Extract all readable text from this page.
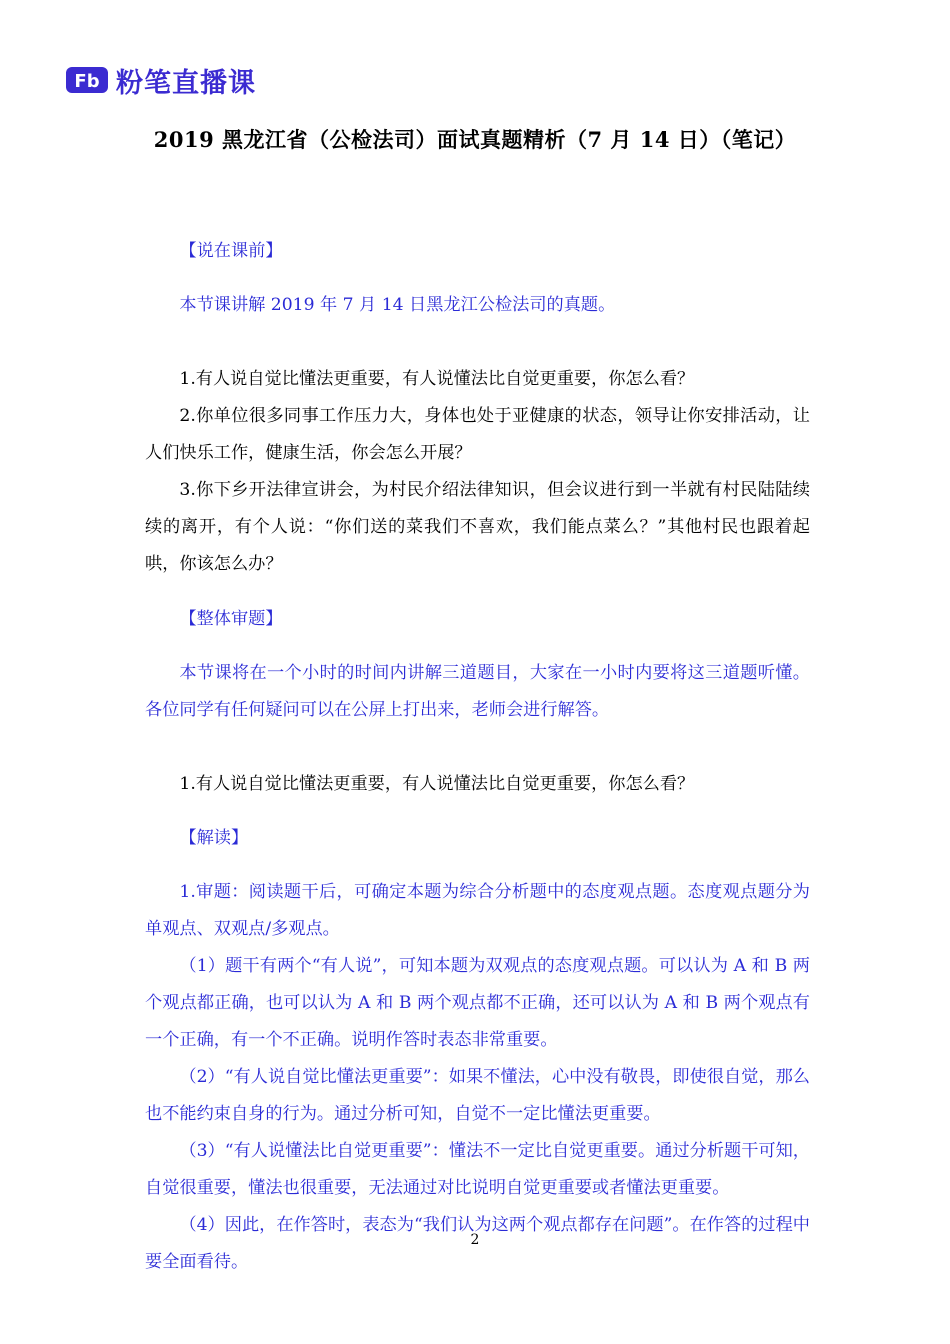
Fb 粉笔直播课
2019 黑龙江省（公检法司）面试真题精析（7 月 14 日）（笔记）

【说在课前】

本节课讲解 2019 年 7 月 14 日黑龙江公检法司的真题。

1.有人说自觉比懂法更重要，有人说懂法比自觉更重要，你怎么看？

2.你单位很多同事工作压力大，身体也处于亚健康的状态，领导让你安排活动，让人们快乐工作，健康生活，你会怎么开展？

3.你下乡开法律宣讲会，为村民介绍法律知识，但会议进行到一半就有村民陆陆续续的离开，有个人说：“你们送的菜我们不喜欢，我们能点菜么？”其他村民也跟着起哄，你该怎么办？

【整体审题】

本节课将在一个小时的时间内讲解三道题目，大家在一小时内要将这三道题听懂。各位同学有任何疑问可以在公屏上打出来，老师会进行解答。

1.有人说自觉比懂法更重要，有人说懂法比自觉更重要，你怎么看？

【解读】

1.审题：阅读题干后，可确定本题为综合分析题中的态度观点题。态度观点题分为单观点、双观点/多观点。

（1）题干有两个“有人说”，可知本题为双观点的态度观点题。可以认为 A 和 B 两个观点都正确，也可以认为 A 和 B 两个观点都不正确，还可以认为 A 和 B 两个观点有一个正确，有一个不正确。说明作答时表态非常重要。

（2）“有人说自觉比懂法更重要”：如果不懂法，心中没有敬畏，即使很自觉，那么也不能约束自身的行为。通过分析可知，自觉不一定比懂法更重要。

（3）“有人说懂法比自觉更重要”：懂法不一定比自觉更重要。通过分析题干可知，自觉很重要，懂法也很重要，无法通过对比说明自觉更重要或者懂法更重要。

（4）因此，在作答时，表态为“我们认为这两个观点都存在问题”。在作答的过程中要全面看待。

2
